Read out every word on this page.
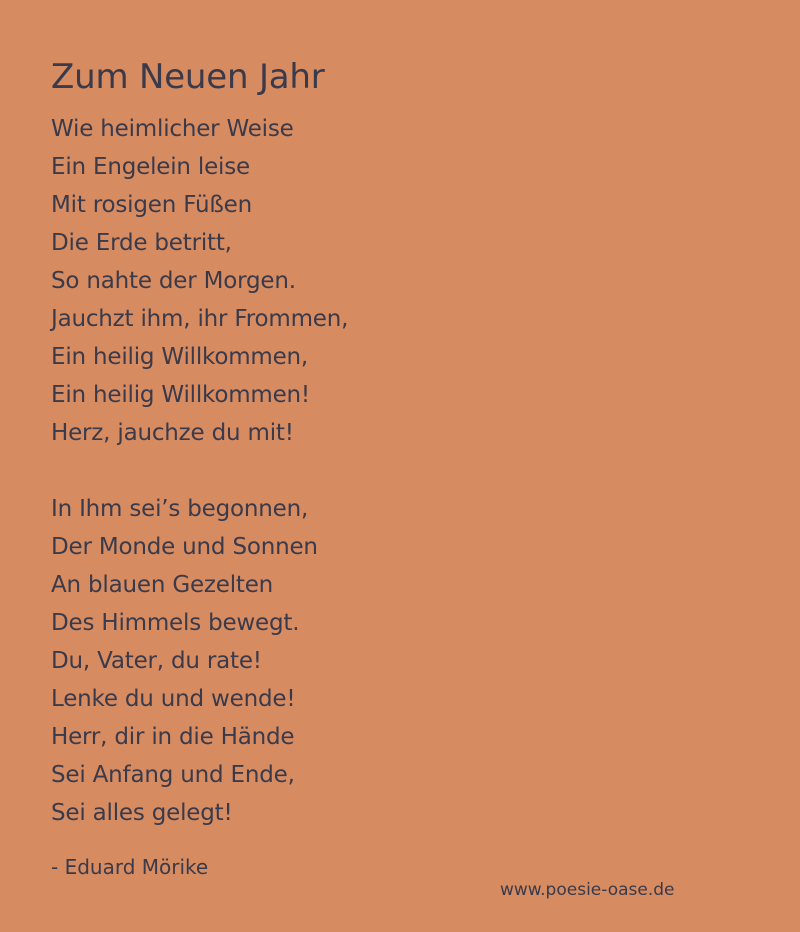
Zum Neuen Jahr
Wie heimlicher Weise
Ein Engelein leise
Mit rosigen Füßen
Die Erde betritt,
So nahte der Morgen.
Jauchzt ihm, ihr Frommen,
Ein heilig Willkommen,
Ein heilig Willkommen!
Herz, jauchze du mit!
In Ihm sei’s begonnen,
Der Monde und Sonnen
An blauen Gezelten
Des Himmels bewegt.
Du, Vater, du rate!
Lenke du und wende!
Herr, dir in die Hände
Sei Anfang und Ende,
Sei alles gelegt!

- Eduard Mörike

www.poesie-oase.de
